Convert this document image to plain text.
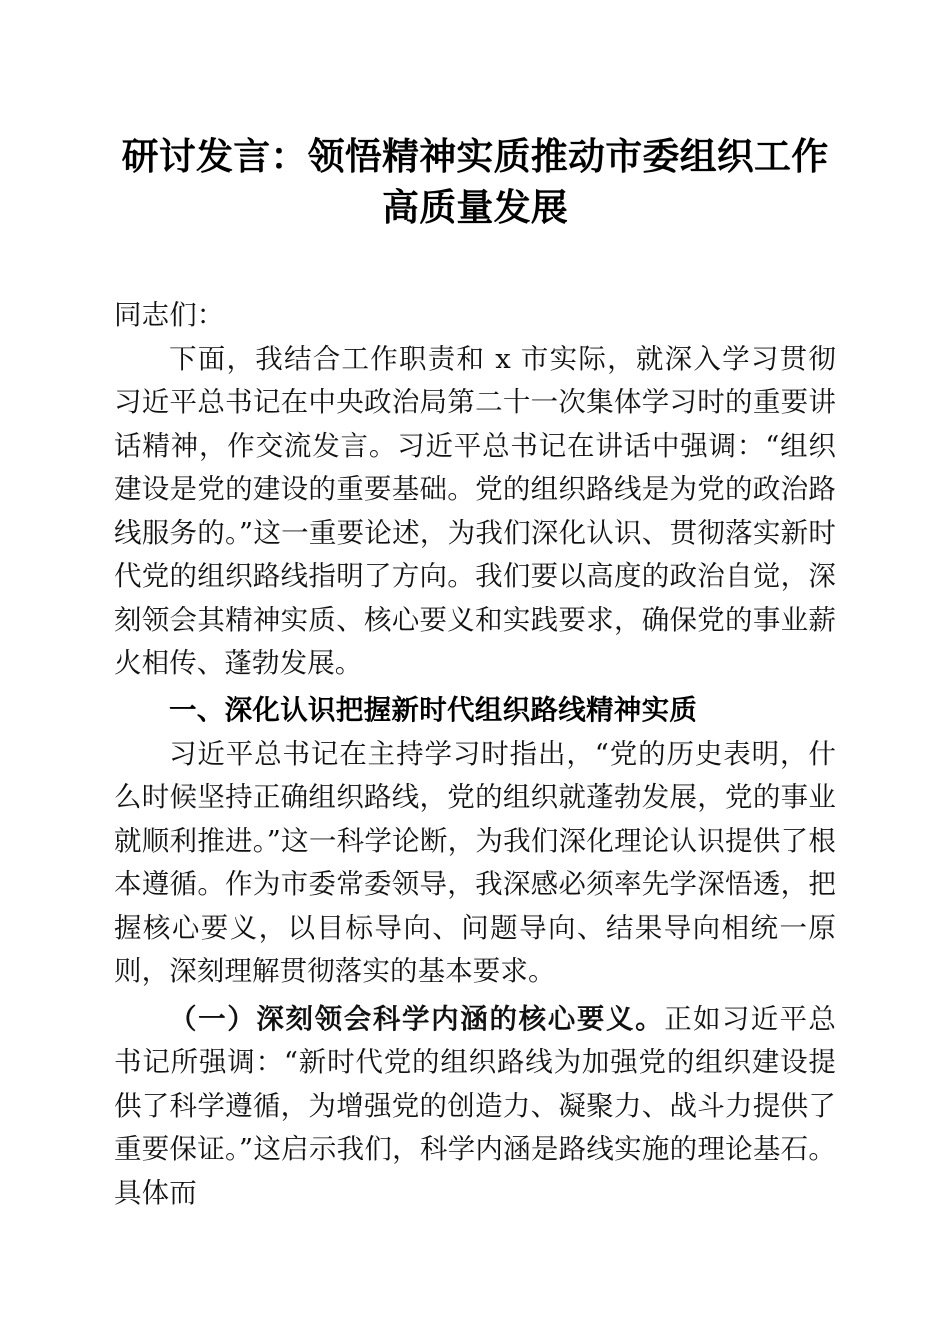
研讨发言：领悟精神实质推动市委组织工作高质量发展

同志们：

下面，我结合工作职责和 x 市实际，就深入学习贯彻习近平总书记在中央政治局第二十一次集体学习时的重要讲话精神，作交流发言。习近平总书记在讲话中强调：“组织建设是党的建设的重要基础。党的组织路线是为党的政治路线服务的。”这一重要论述，为我们深化认识、贯彻落实新时代党的组织路线指明了方向。我们要以高度的政治自觉，深刻领会其精神实质、核心要义和实践要求，确保党的事业薪火相传、蓬勃发展。

一、深化认识把握新时代组织路线精神实质

习近平总书记在主持学习时指出，“党的历史表明，什么时候坚持正确组织路线，党的组织就蓬勃发展，党的事业就顺利推进。”这一科学论断，为我们深化理论认识提供了根本遵循。作为市委常委领导，我深感必须率先学深悟透，把握核心要义，以目标导向、问题导向、结果导向相统一原则，深刻理解贯彻落实的基本要求。

（一）深刻领会科学内涵的核心要义。正如习近平总书记所强调：“新时代党的组织路线为加强党的组织建设提供了科学遵循，为增强党的创造力、凝聚力、战斗力提供了重要保证。”这启示我们，科学内涵是路线实施的理论基石。具体而
